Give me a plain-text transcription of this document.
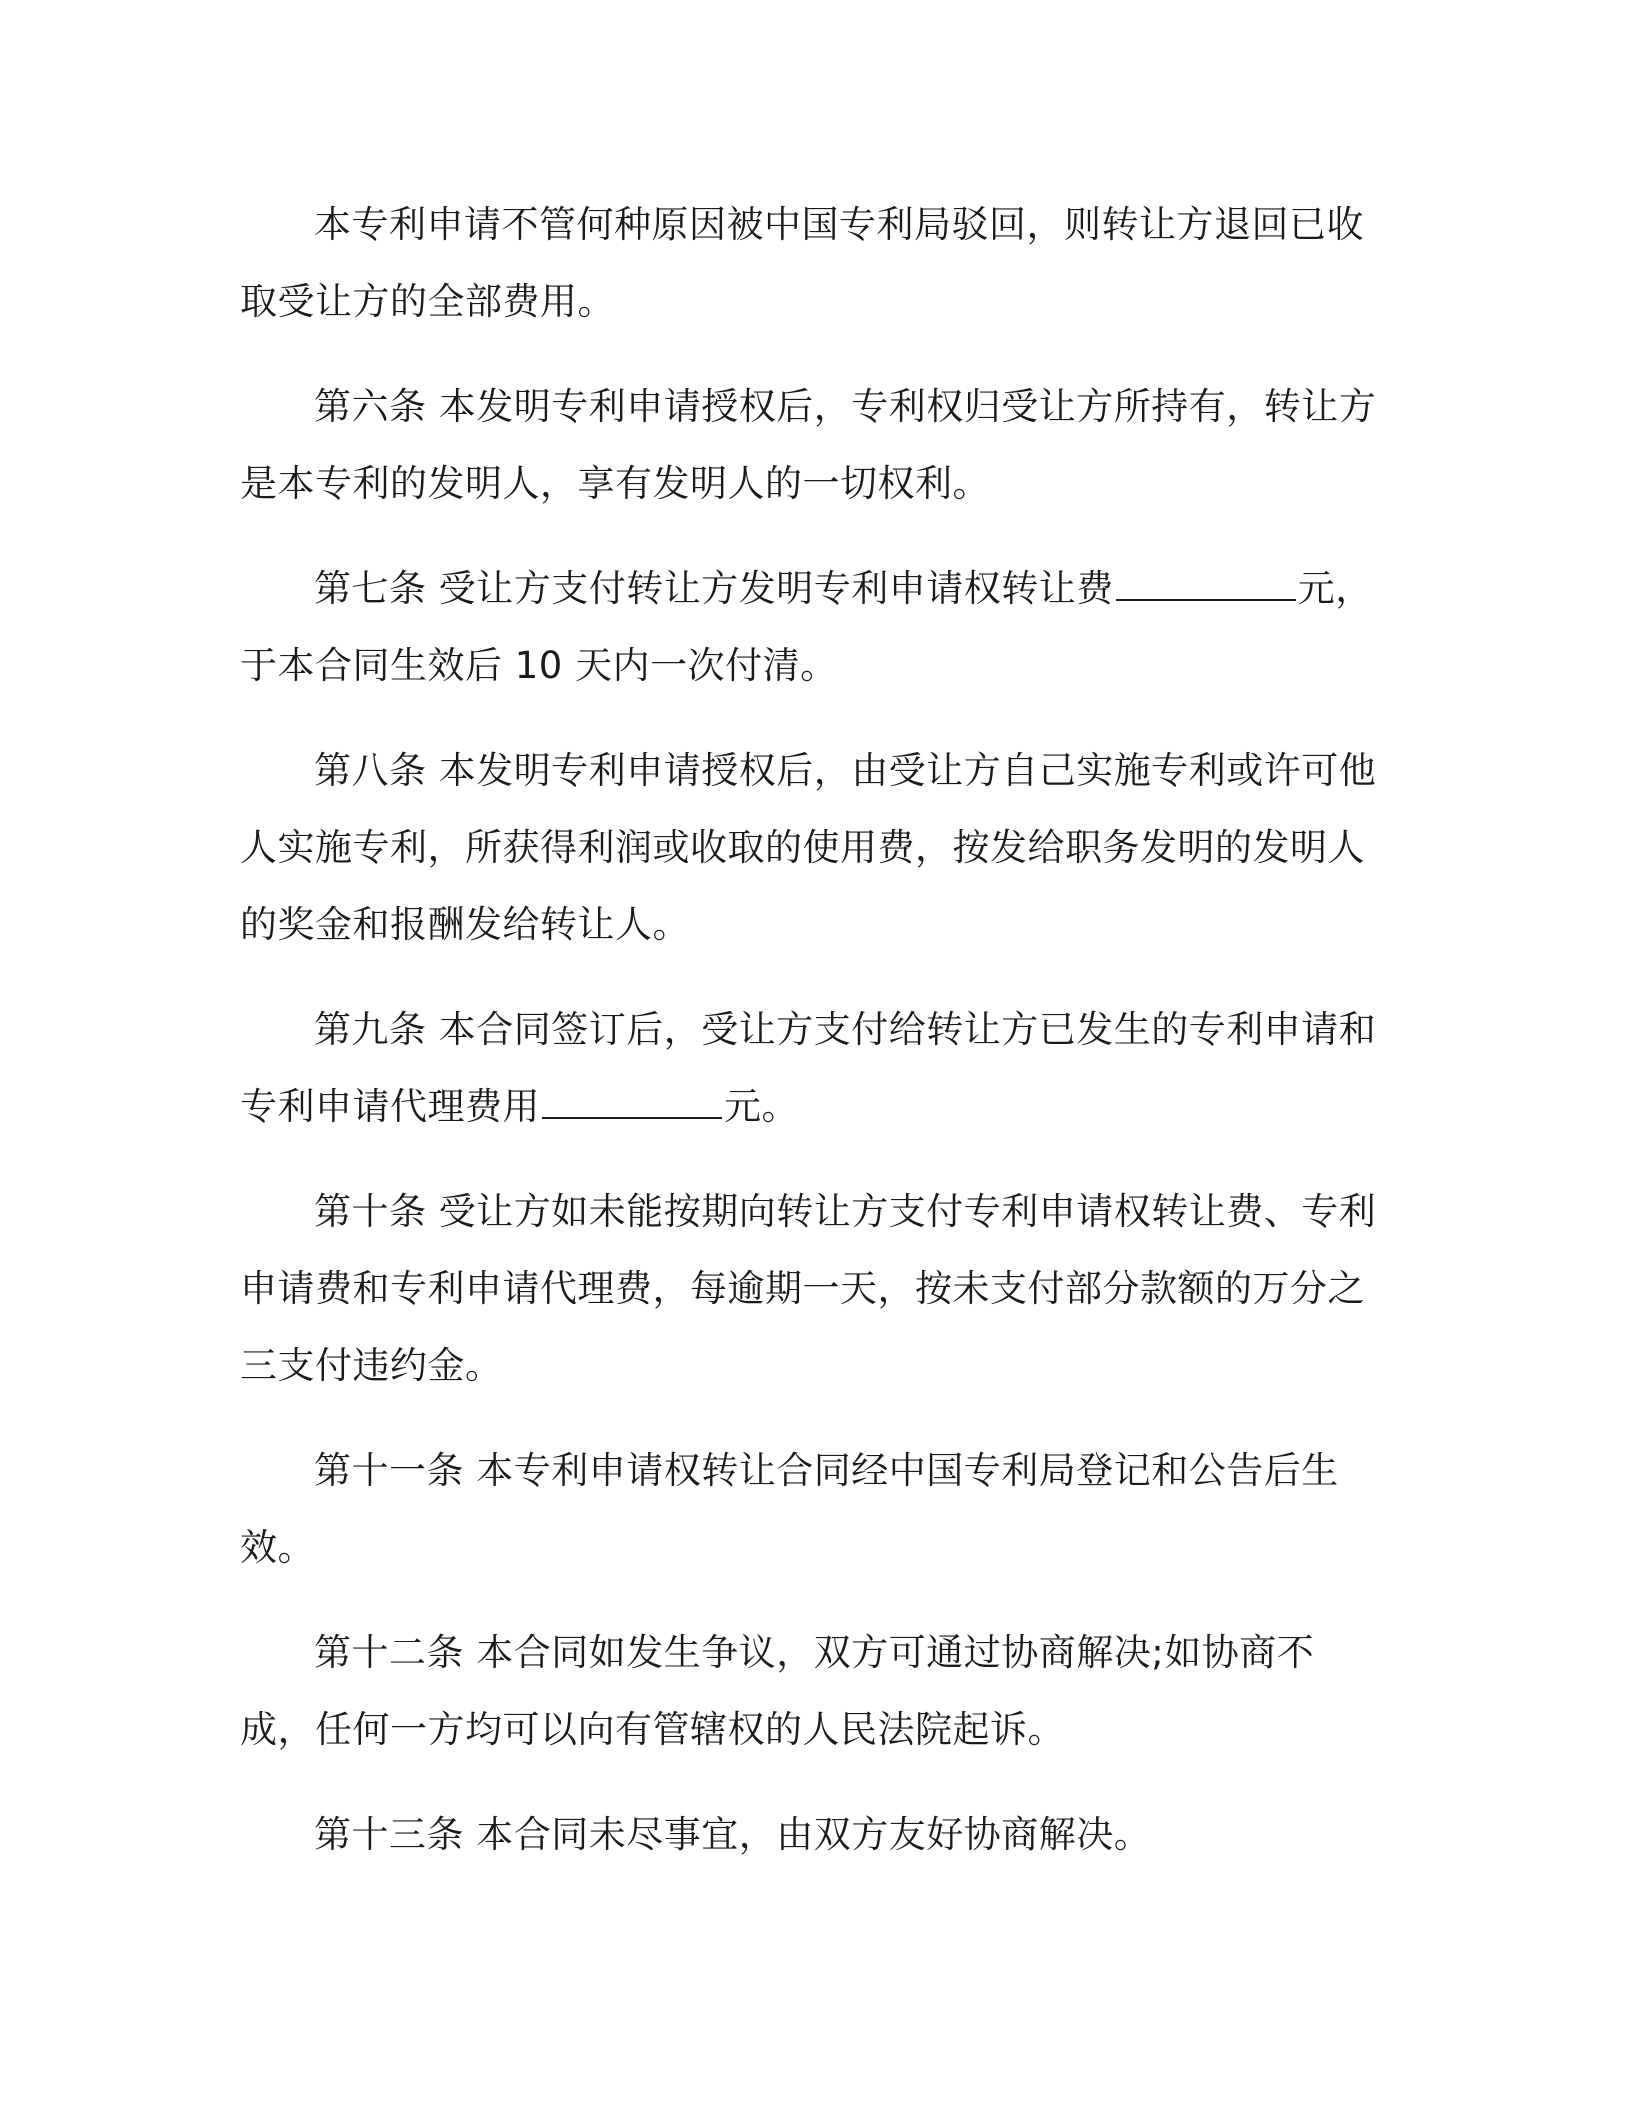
本专利申请不管何种原因被中国专利局驳回，则转让方退回已收取受让方的全部费用。

第六条 本发明专利申请授权后，专利权归受让方所持有，转让方是本专利的发明人，享有发明人的一切权利。

第七条 受让方支付转让方发明专利申请权转让费	元，于本合同生效后 10 天内一次付清。

第八条 本发明专利申请授权后，由受让方自己实施专利或许可他人实施专利，所获得利润或收取的使用费，按发给职务发明的发明人的奖金和报酬发给转让人。

第九条 本合同签订后，受让方支付给转让方已发生的专利申请和专利申请代理费用	元。

第十条 受让方如未能按期向转让方支付专利申请权转让费、专利申请费和专利申请代理费，每逾期一天，按未支付部分款额的万分之三支付违约金。

第十一条 本专利申请权转让合同经中国专利局登记和公告后生效。

第十二条 本合同如发生争议，双方可通过协商解决;如协商不成，任何一方均可以向有管辖权的人民法院起诉。

第十三条 本合同未尽事宜，由双方友好协商解决。
